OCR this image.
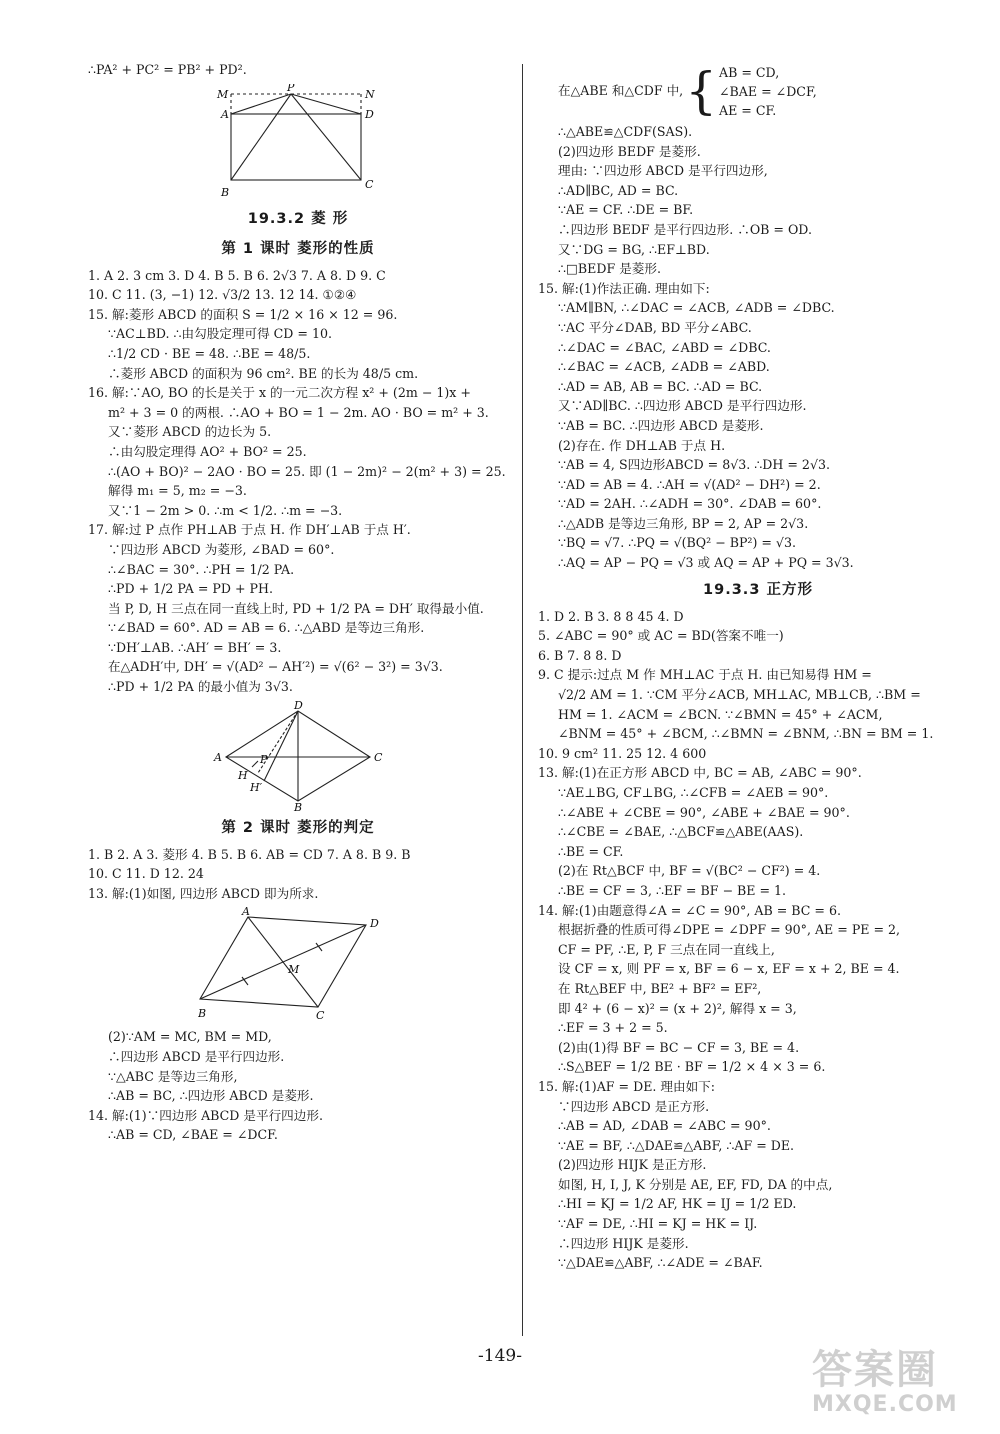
∴PA² + PC² = PB² + PD².
M
P
N
A	D
B
C
19.3.2 菱 形
第 1 课时 菱形的性质
1. A 2. 3 cm 3. D 4. B 5. B 6. 2√3 7. A 8. D 9. C
10. C 11. (3, −1) 12. √3/2 13. 12 14. ①②④
15. 解:菱形 ABCD 的面积 S = 1/2 × 16 × 12 = 96.
∵AC⊥BD. ∴由勾股定理可得 CD = 10.
∴1/2 CD · BE = 48. ∴BE = 48/5.
∴菱形 ABCD 的面积为 96 cm². BE 的长为 48/5 cm.
16. 解:∵AO, BO 的长是关于 x 的一元二次方程 x² + (2m − 1)x +
m² + 3 = 0 的两根. ∴AO + BO = 1 − 2m. AO · BO = m² + 3.
又∵菱形 ABCD 的边长为 5.
∴由勾股定理得 AO² + BO² = 25.
∴(AO + BO)² − 2AO · BO = 25. 即 (1 − 2m)² − 2(m² + 3) = 25.
解得 m₁ = 5, m₂ = −3.
又∵1 − 2m > 0. ∴m < 1/2. ∴m = −3.
17. 解:过 P 点作 PH⊥AB 于点 H. 作 DH′⊥AB 于点 H′.
∵四边形 ABCD 为菱形, ∠BAD = 60°.
∴∠BAC = 30°. ∴PH = 1/2 PA.
∴PD + 1/2 PA = PD + PH.
当 P, D, H 三点在同一直线上时, PD + 1/2 PA = DH′ 取得最小值.
∵∠BAD = 60°. AD = AB = 6. ∴△ABD 是等边三角形.
∵DH′⊥AB. ∴AH′ = BH′ = 3.
在△ADH′中, DH′ = √(AD² − AH′²) = √(6² − 3²) = 3√3.
∴PD + 1/2 PA 的最小值为 3√3.
D
A	C
B
P
H
H′
第 2 课时 菱形的判定
1. B 2. A 3. 菱形 4. B 5. B 6. AB = CD 7. A 8. B 9. B
10. C 11. D 12. 24
13. 解:(1)如图, 四边形 ABCD 即为所求.
A
D
M
B	C
(2)∵AM = MC, BM = MD,
∴四边形 ABCD 是平行四边形.
∵△ABC 是等边三角形,
∴AB = BC, ∴四边形 ABCD 是菱形.
14. 解:(1)∵四边形 ABCD 是平行四边形.
∴AB = CD, ∠BAE = ∠DCF.
在△ABE 和△CDF 中, { AB = CD,
∠BAE = ∠DCF,
AE = CF.
∴△ABE≌△CDF(SAS).
(2)四边形 BEDF 是菱形.
理由: ∵四边形 ABCD 是平行四边形,
∴AD∥BC, AD = BC.
∵AE = CF. ∴DE = BF.
∴四边形 BEDF 是平行四边形. ∴OB = OD.
又∵DG = BG, ∴EF⊥BD.
∴□BEDF 是菱形.
15. 解:(1)作法正确. 理由如下:
∵AM∥BN, ∴∠DAC = ∠ACB, ∠ADB = ∠DBC.
∵AC 平分∠DAB, BD 平分∠ABC.
∴∠DAC = ∠BAC, ∠ABD = ∠DBC.
∴∠BAC = ∠ACB, ∠ADB = ∠ABD.
∴AD = AB, AB = BC. ∴AD = BC.
又∵AD∥BC. ∴四边形 ABCD 是平行四边形.
∵AB = BC. ∴四边形 ABCD 是菱形.
(2)存在. 作 DH⊥AB 于点 H.
∵AB = 4, S四边形ABCD = 8√3. ∴DH = 2√3.
∵AD = AB = 4. ∴AH = √(AD² − DH²) = 2.
∵AD = 2AH. ∴∠ADH = 30°. ∠DAB = 60°.
∴△ADB 是等边三角形, BP = 2, AP = 2√3.
∵BQ = √7. ∴PQ = √(BQ² − BP²) = √3.
∴AQ = AP − PQ = √3 或 AQ = AP + PQ = 3√3.
19.3.3 正方形
1. D 2. B 3. 8 8 45 4. D
5. ∠ABC = 90° 或 AC = BD(答案不唯一)
6. B 7. 8 8. D
9. C 提示:过点 M 作 MH⊥AC 于点 H. 由已知易得 HM =
√2/2 AM = 1. ∵CM 平分∠ACB, MH⊥AC, MB⊥CB, ∴BM =
HM = 1. ∠ACM = ∠BCN. ∵∠BMN = 45° + ∠ACM,
∠BNM = 45° + ∠BCM, ∴∠BMN = ∠BNM, ∴BN = BM = 1.
10. 9 cm² 11. 25 12. 4 600
13. 解:(1)在正方形 ABCD 中, BC = AB, ∠ABC = 90°.
∵AE⊥BG, CF⊥BG, ∴∠CFB = ∠AEB = 90°.
∴∠ABE + ∠CBE = 90°, ∠ABE + ∠BAE = 90°.
∴∠CBE = ∠BAE, ∴△BCF≌△ABE(AAS).
∴BE = CF.
(2)在 Rt△BCF 中, BF = √(BC² − CF²) = 4.
∴BE = CF = 3, ∴EF = BF − BE = 1.
14. 解:(1)由题意得∠A = ∠C = 90°, AB = BC = 6.
根据折叠的性质可得∠DPE = ∠DPF = 90°, AE = PE = 2,
CF = PF, ∴E, P, F 三点在同一直线上,
设 CF = x, 则 PF = x, BF = 6 − x, EF = x + 2, BE = 4.
在 Rt△BEF 中, BE² + BF² = EF²,
即 4² + (6 − x)² = (x + 2)², 解得 x = 3,
∴EF = 3 + 2 = 5.
(2)由(1)得 BF = BC − CF = 3, BE = 4.
∴S△BEF = 1/2 BE · BF = 1/2 × 4 × 3 = 6.
15. 解:(1)AF = DE. 理由如下:
∵四边形 ABCD 是正方形.
∴AB = AD, ∠DAB = ∠ABC = 90°.
∵AE = BF, ∴△DAE≌△ABF, ∴AF = DE.
(2)四边形 HIJK 是正方形.
如图, H, I, J, K 分别是 AE, EF, FD, DA 的中点,
∴HI = KJ = 1/2 AF, HK = IJ = 1/2 ED.
∵AF = DE, ∴HI = KJ = HK = IJ.
∴四边形 HIJK 是菱形.
∵△DAE≌△ABF, ∴∠ADE = ∠BAF.
-149-	答案圈
MXQE.COM
